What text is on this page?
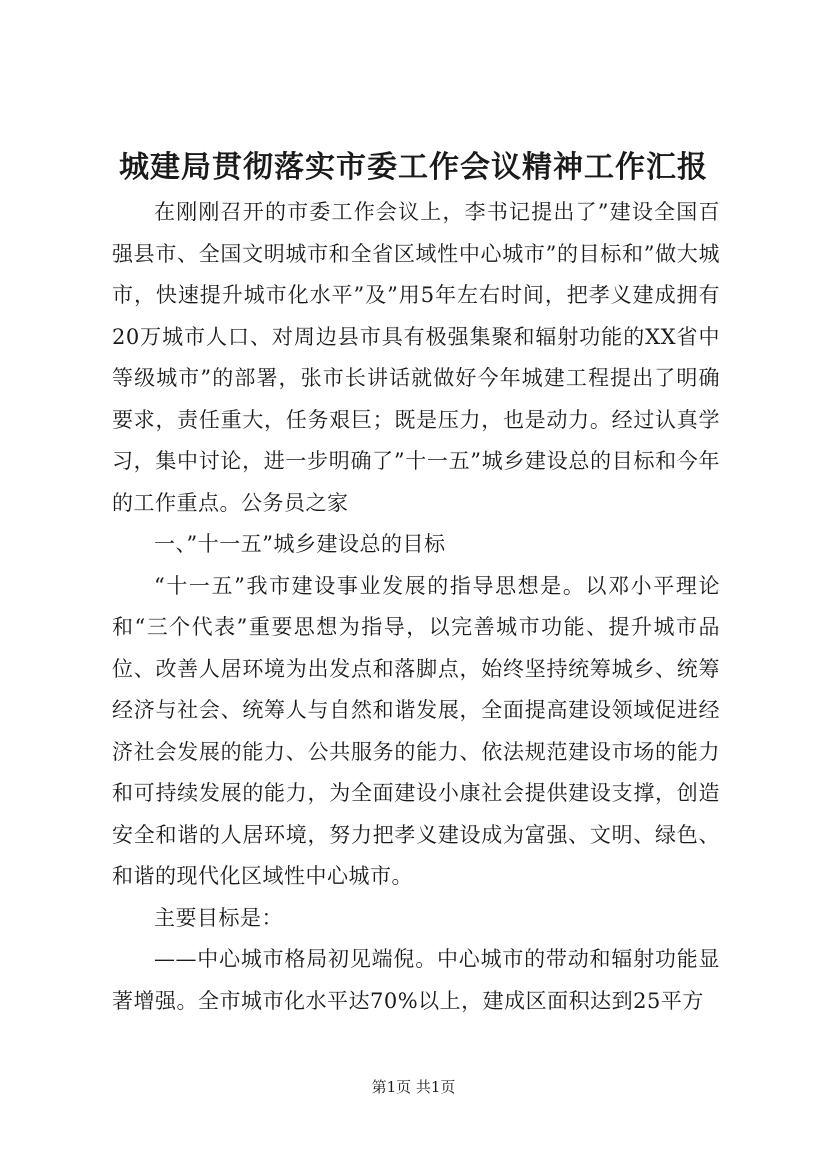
城建局贯彻落实市委工作会议精神工作汇报

在刚刚召开的市委工作会议上，李书记提出了”建设全国百强县市、全国文明城市和全省区域性中心城市”的目标和”做大城市，快速提升城市化水平”及”用5年左右时间，把孝义建成拥有20万城市人口、对周边县市具有极强集聚和辐射功能的XX省中等级城市”的部署，张市长讲话就做好今年城建工程提出了明确要求，责任重大，任务艰巨；既是压力，也是动力。经过认真学习，集中讨论，进一步明确了”十一五”城乡建设总的目标和今年的工作重点。公务员之家

一、”十一五”城乡建设总的目标

“十一五”我市建设事业发展的指导思想是。以邓小平理论和“三个代表”重要思想为指导，以完善城市功能、提升城市品位、改善人居环境为出发点和落脚点，始终坚持统筹城乡、统筹经济与社会、统筹人与自然和谐发展，全面提高建设领域促进经济社会发展的能力、公共服务的能力、依法规范建设市场的能力和可持续发展的能力，为全面建设小康社会提供建设支撑，创造安全和谐的人居环境，努力把孝义建设成为富强、文明、绿色、和谐的现代化区域性中心城市。

主要目标是：

——中心城市格局初见端倪。中心城市的带动和辐射功能显著增强。全市城市化水平达70%以上，建成区面积达到25平方

第1页 共1页
